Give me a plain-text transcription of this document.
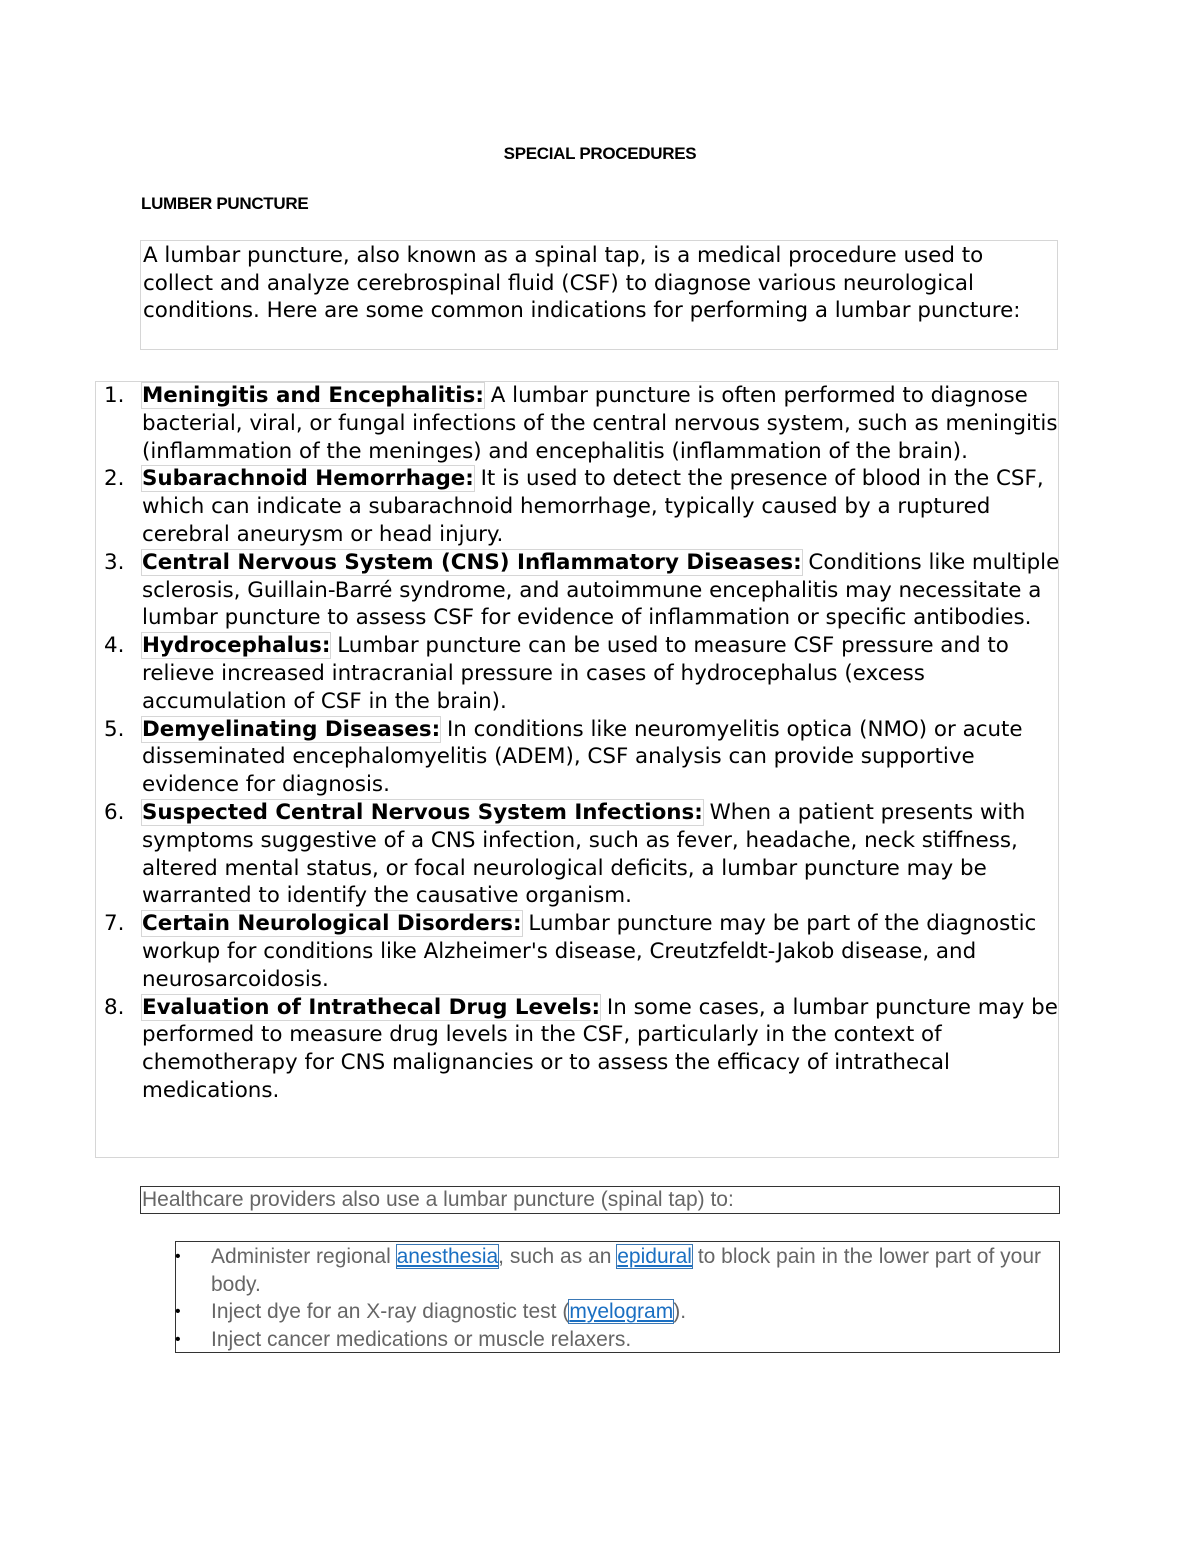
SPECIAL PROCEDURES
LUMBER PUNCTURE
A lumbar puncture, also known as a spinal tap, is a medical procedure used to collect and analyze cerebrospinal fluid (CSF) to diagnose various neurological conditions. Here are some common indications for performing a lumbar puncture:
1. Meningitis and Encephalitis: A lumbar puncture is often performed to diagnose bacterial, viral, or fungal infections of the central nervous system, such as meningitis (inflammation of the meninges) and encephalitis (inflammation of the brain).
2. Subarachnoid Hemorrhage: It is used to detect the presence of blood in the CSF, which can indicate a subarachnoid hemorrhage, typically caused by a ruptured cerebral aneurysm or head injury.
3. Central Nervous System (CNS) Inflammatory Diseases: Conditions like multiple sclerosis, Guillain-Barré syndrome, and autoimmune encephalitis may necessitate a lumbar puncture to assess CSF for evidence of inflammation or specific antibodies.
4. Hydrocephalus: Lumbar puncture can be used to measure CSF pressure and to relieve increased intracranial pressure in cases of hydrocephalus (excess accumulation of CSF in the brain).
5. Demyelinating Diseases: In conditions like neuromyelitis optica (NMO) or acute disseminated encephalomyelitis (ADEM), CSF analysis can provide supportive evidence for diagnosis.
6. Suspected Central Nervous System Infections: When a patient presents with symptoms suggestive of a CNS infection, such as fever, headache, neck stiffness, altered mental status, or focal neurological deficits, a lumbar puncture may be warranted to identify the causative organism.
7. Certain Neurological Disorders: Lumbar puncture may be part of the diagnostic workup for conditions like Alzheimer's disease, Creutzfeldt-Jakob disease, and neurosarcoidosis.
8. Evaluation of Intrathecal Drug Levels: In some cases, a lumbar puncture may be performed to measure drug levels in the CSF, particularly in the context of chemotherapy for CNS malignancies or to assess the efficacy of intrathecal medications.
Healthcare providers also use a lumbar puncture (spinal tap) to:
• Administer regional anesthesia, such as an epidural to block pain in the lower part of your body.
• Inject dye for an X-ray diagnostic test (myelogram).
• Inject cancer medications or muscle relaxers.
